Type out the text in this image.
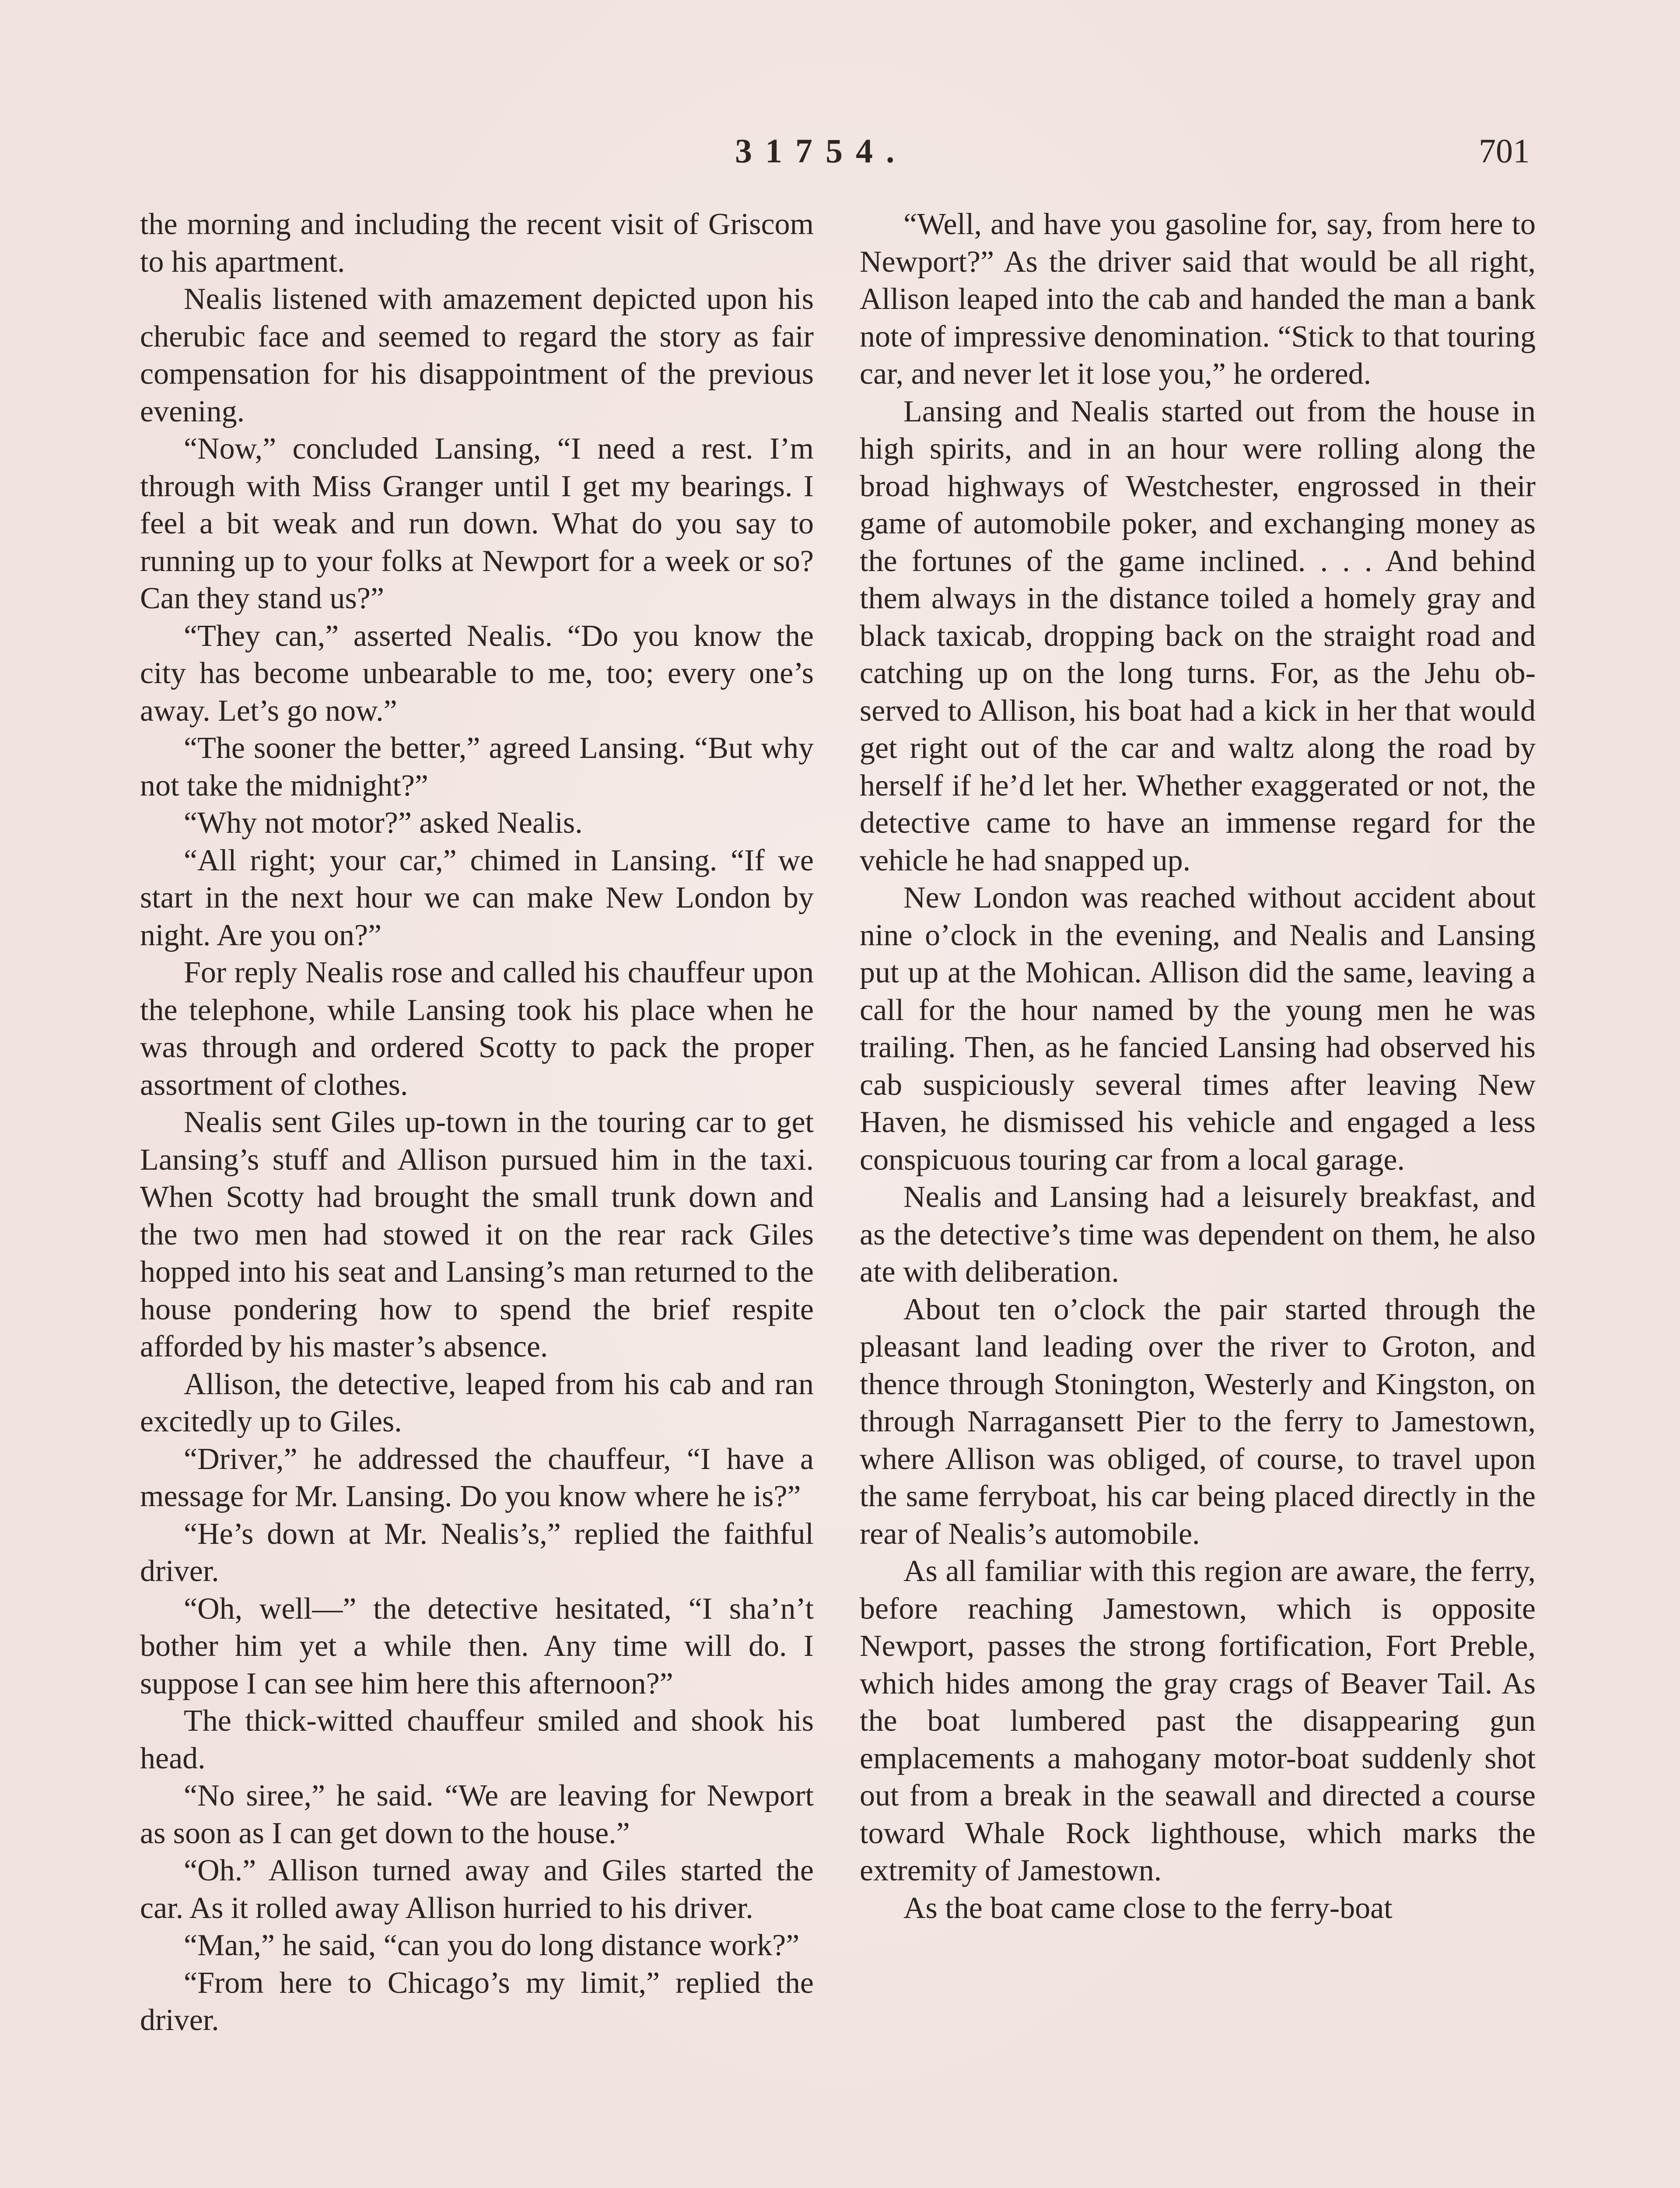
31754.	701

the morning and including the recent visit of Griscom to his apartment.

Nealis listened with amazement depicted upon his cherubic face and seemed to regard the story as fair compensation for his disappointment of the previous evening.

“Now,” concluded Lansing, “I need a rest. I’m through with Miss Granger until I get my bearings. I feel a bit weak and run down. What do you say to running up to your folks at Newport for a week or so? Can they stand us?”

“They can,” asserted Nealis. “Do you know the city has become unbearable to me, too; every one’s away. Let’s go now.”

“The sooner the better,” agreed Lansing. “But why not take the midnight?”

“Why not motor?” asked Nealis.

“All right; your car,” chimed in Lansing. “If we start in the next hour we can make New London by night. Are you on?”

For reply Nealis rose and called his chauffeur upon the telephone, while Lansing took his place when he was through and ordered Scotty to pack the proper assortment of clothes.

Nealis sent Giles up-town in the touring car to get Lansing’s stuff and Allison pursued him in the taxi. When Scotty had brought the small trunk down and the two men had stowed it on the rear rack Giles hopped into his seat and Lansing’s man returned to the house pondering how to spend the brief respite afforded by his master’s absence.

Allison, the detective, leaped from his cab and ran excitedly up to Giles.

“Driver,” he addressed the chauffeur, “I have a message for Mr. Lansing. Do you know where he is?”

“He’s down at Mr. Nealis’s,” replied the faithful driver.

“Oh, well—” the detective hesitated, “I sha’n’t bother him yet a while then. Any time will do. I suppose I can see him here this afternoon?”

The thick-witted chauffeur smiled and shook his head.

“No siree,” he said. “We are leaving for Newport as soon as I can get down to the house.”

“Oh.” Allison turned away and Giles started the car. As it rolled away Allison hurried to his driver.

“Man,” he said, “can you do long distance work?”

“From here to Chicago’s my limit,” replied the driver.

“Well, and have you gasoline for, say, from here to Newport?” As the driver said that would be all right, Allison leaped into the cab and handed the man a bank note of impressive denomination. “Stick to that touring car, and never let it lose you,” he ordered.

Lansing and Nealis started out from the house in high spirits, and in an hour were rolling along the broad highways of Westchester, engrossed in their game of automobile poker, and exchanging money as the fortunes of the game inclined. . . . And behind them always in the distance toiled a homely gray and black taxicab, dropping back on the straight road and catching up on the long turns. For, as the Jehu observed to Allison, his boat had a kick in her that would get right out of the car and waltz along the road by herself if he’d let her. Whether exaggerated or not, the detective came to have an immense regard for the vehicle he had snapped up.

New London was reached without accident about nine o’clock in the evening, and Nealis and Lansing put up at the Mohican. Allison did the same, leaving a call for the hour named by the young men he was trailing. Then, as he fancied Lansing had observed his cab suspiciously several times after leaving New Haven, he dismissed his vehicle and engaged a less conspicuous touring car from a local garage.

Nealis and Lansing had a leisurely breakfast, and as the detective’s time was dependent on them, he also ate with deliberation.

About ten o’clock the pair started through the pleasant land leading over the river to Groton, and thence through Stonington, Westerly and Kingston, on through Narragansett Pier to the ferry to Jamestown, where Allison was obliged, of course, to travel upon the same ferryboat, his car being placed directly in the rear of Nealis’s automobile.

As all familiar with this region are aware, the ferry, before reaching Jamestown, which is opposite Newport, passes the strong fortification, Fort Preble, which hides among the gray crags of Beaver Tail. As the boat lumbered past the disappearing gun emplacements a mahogany motor-boat suddenly shot out from a break in the seawall and directed a course toward Whale Rock lighthouse, which marks the extremity of Jamestown.

As the boat came close to the ferry-boat
